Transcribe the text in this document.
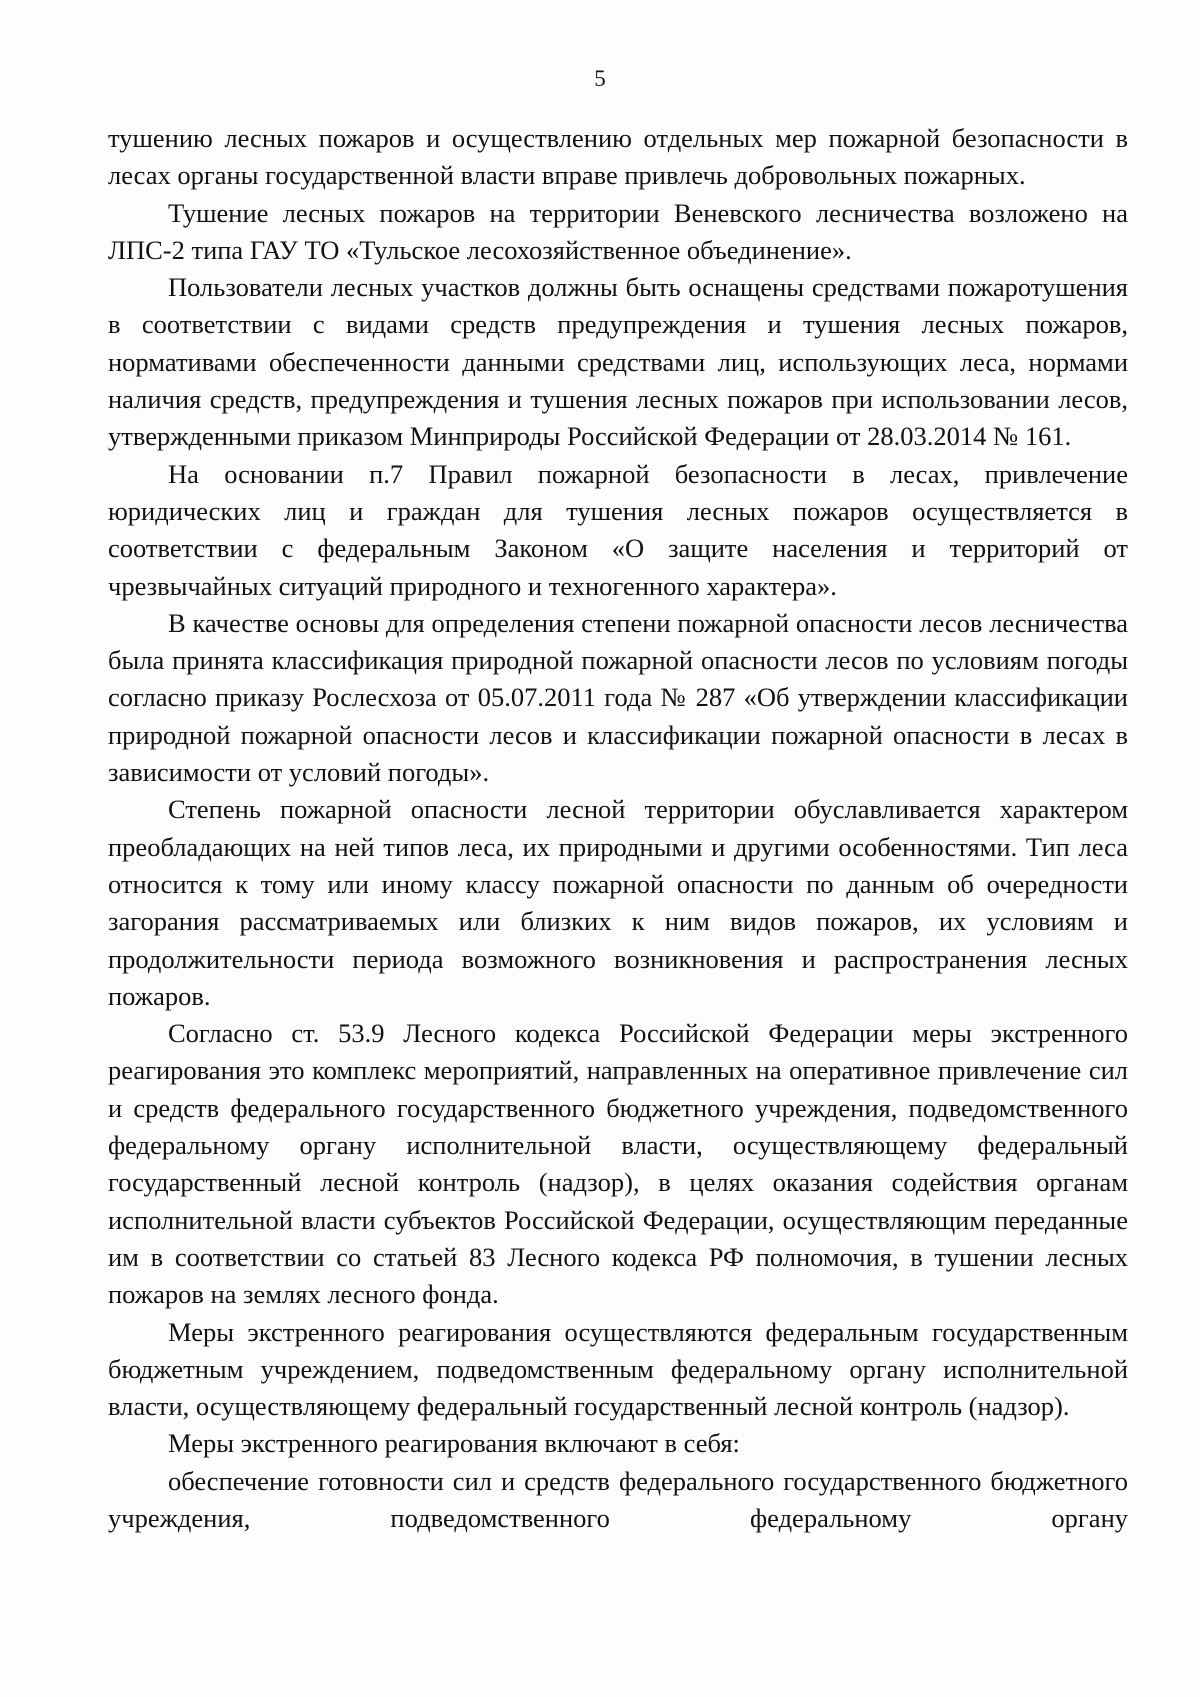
5

тушению лесных пожаров и осуществлению отдельных мер пожарной безопасности в лесах органы государственной власти вправе привлечь добровольных пожарных.

Тушение лесных пожаров на территории Веневского лесничества возложено на ЛПС-2 типа ГАУ ТО «Тульское лесохозяйственное объединение».

Пользователи лесных участков должны быть оснащены средствами пожаротушения в соответствии с видами средств предупреждения и тушения лесных пожаров, нормативами обеспеченности данными средствами лиц, использующих леса, нормами наличия средств, предупреждения и тушения лесных пожаров при использовании лесов, утвержденными приказом Минприроды Российской Федерации от 28.03.2014 № 161.

На основании п.7 Правил пожарной безопасности в лесах, привлечение юридических лиц и граждан для тушения лесных пожаров осуществляется в соответствии с федеральным Законом «О защите населения и территорий от чрезвычайных ситуаций природного и техногенного характера».

В качестве основы для определения степени пожарной опасности лесов лесничества была принята классификация природной пожарной опасности лесов по условиям погоды согласно приказу Рослесхоза от 05.07.2011 года № 287 «Об утверждении классификации природной пожарной опасности лесов и классификации пожарной опасности в лесах в зависимости от условий погоды».

Степень пожарной опасности лесной территории обуславливается характером преобладающих на ней типов леса, их природными и другими особенностями. Тип леса относится к тому или иному классу пожарной опасности по данным об очередности загорания рассматриваемых или близких к ним видов пожаров, их условиям и продолжительности периода возможного возникновения и распространения лесных пожаров.

Согласно ст. 53.9 Лесного кодекса Российской Федерации меры экстренного реагирования это комплекс мероприятий, направленных на оперативное привлечение сил и средств федерального государственного бюджетного учреждения, подведомственного федеральному органу исполнительной власти, осуществляющему федеральный государственный лесной контроль (надзор), в целях оказания содействия органам исполнительной власти субъектов Российской Федерации, осуществляющим переданные им в соответствии со статьей 83 Лесного кодекса РФ полномочия, в тушении лесных пожаров на землях лесного фонда.

Меры экстренного реагирования осуществляются федеральным государственным бюджетным учреждением, подведомственным федеральному органу исполнительной власти, осуществляющему федеральный государственный лесной контроль (надзор).

Меры экстренного реагирования включают в себя:

обеспечение готовности сил и средств федерального государственного бюджетного учреждения, подведомственного федеральному органу
